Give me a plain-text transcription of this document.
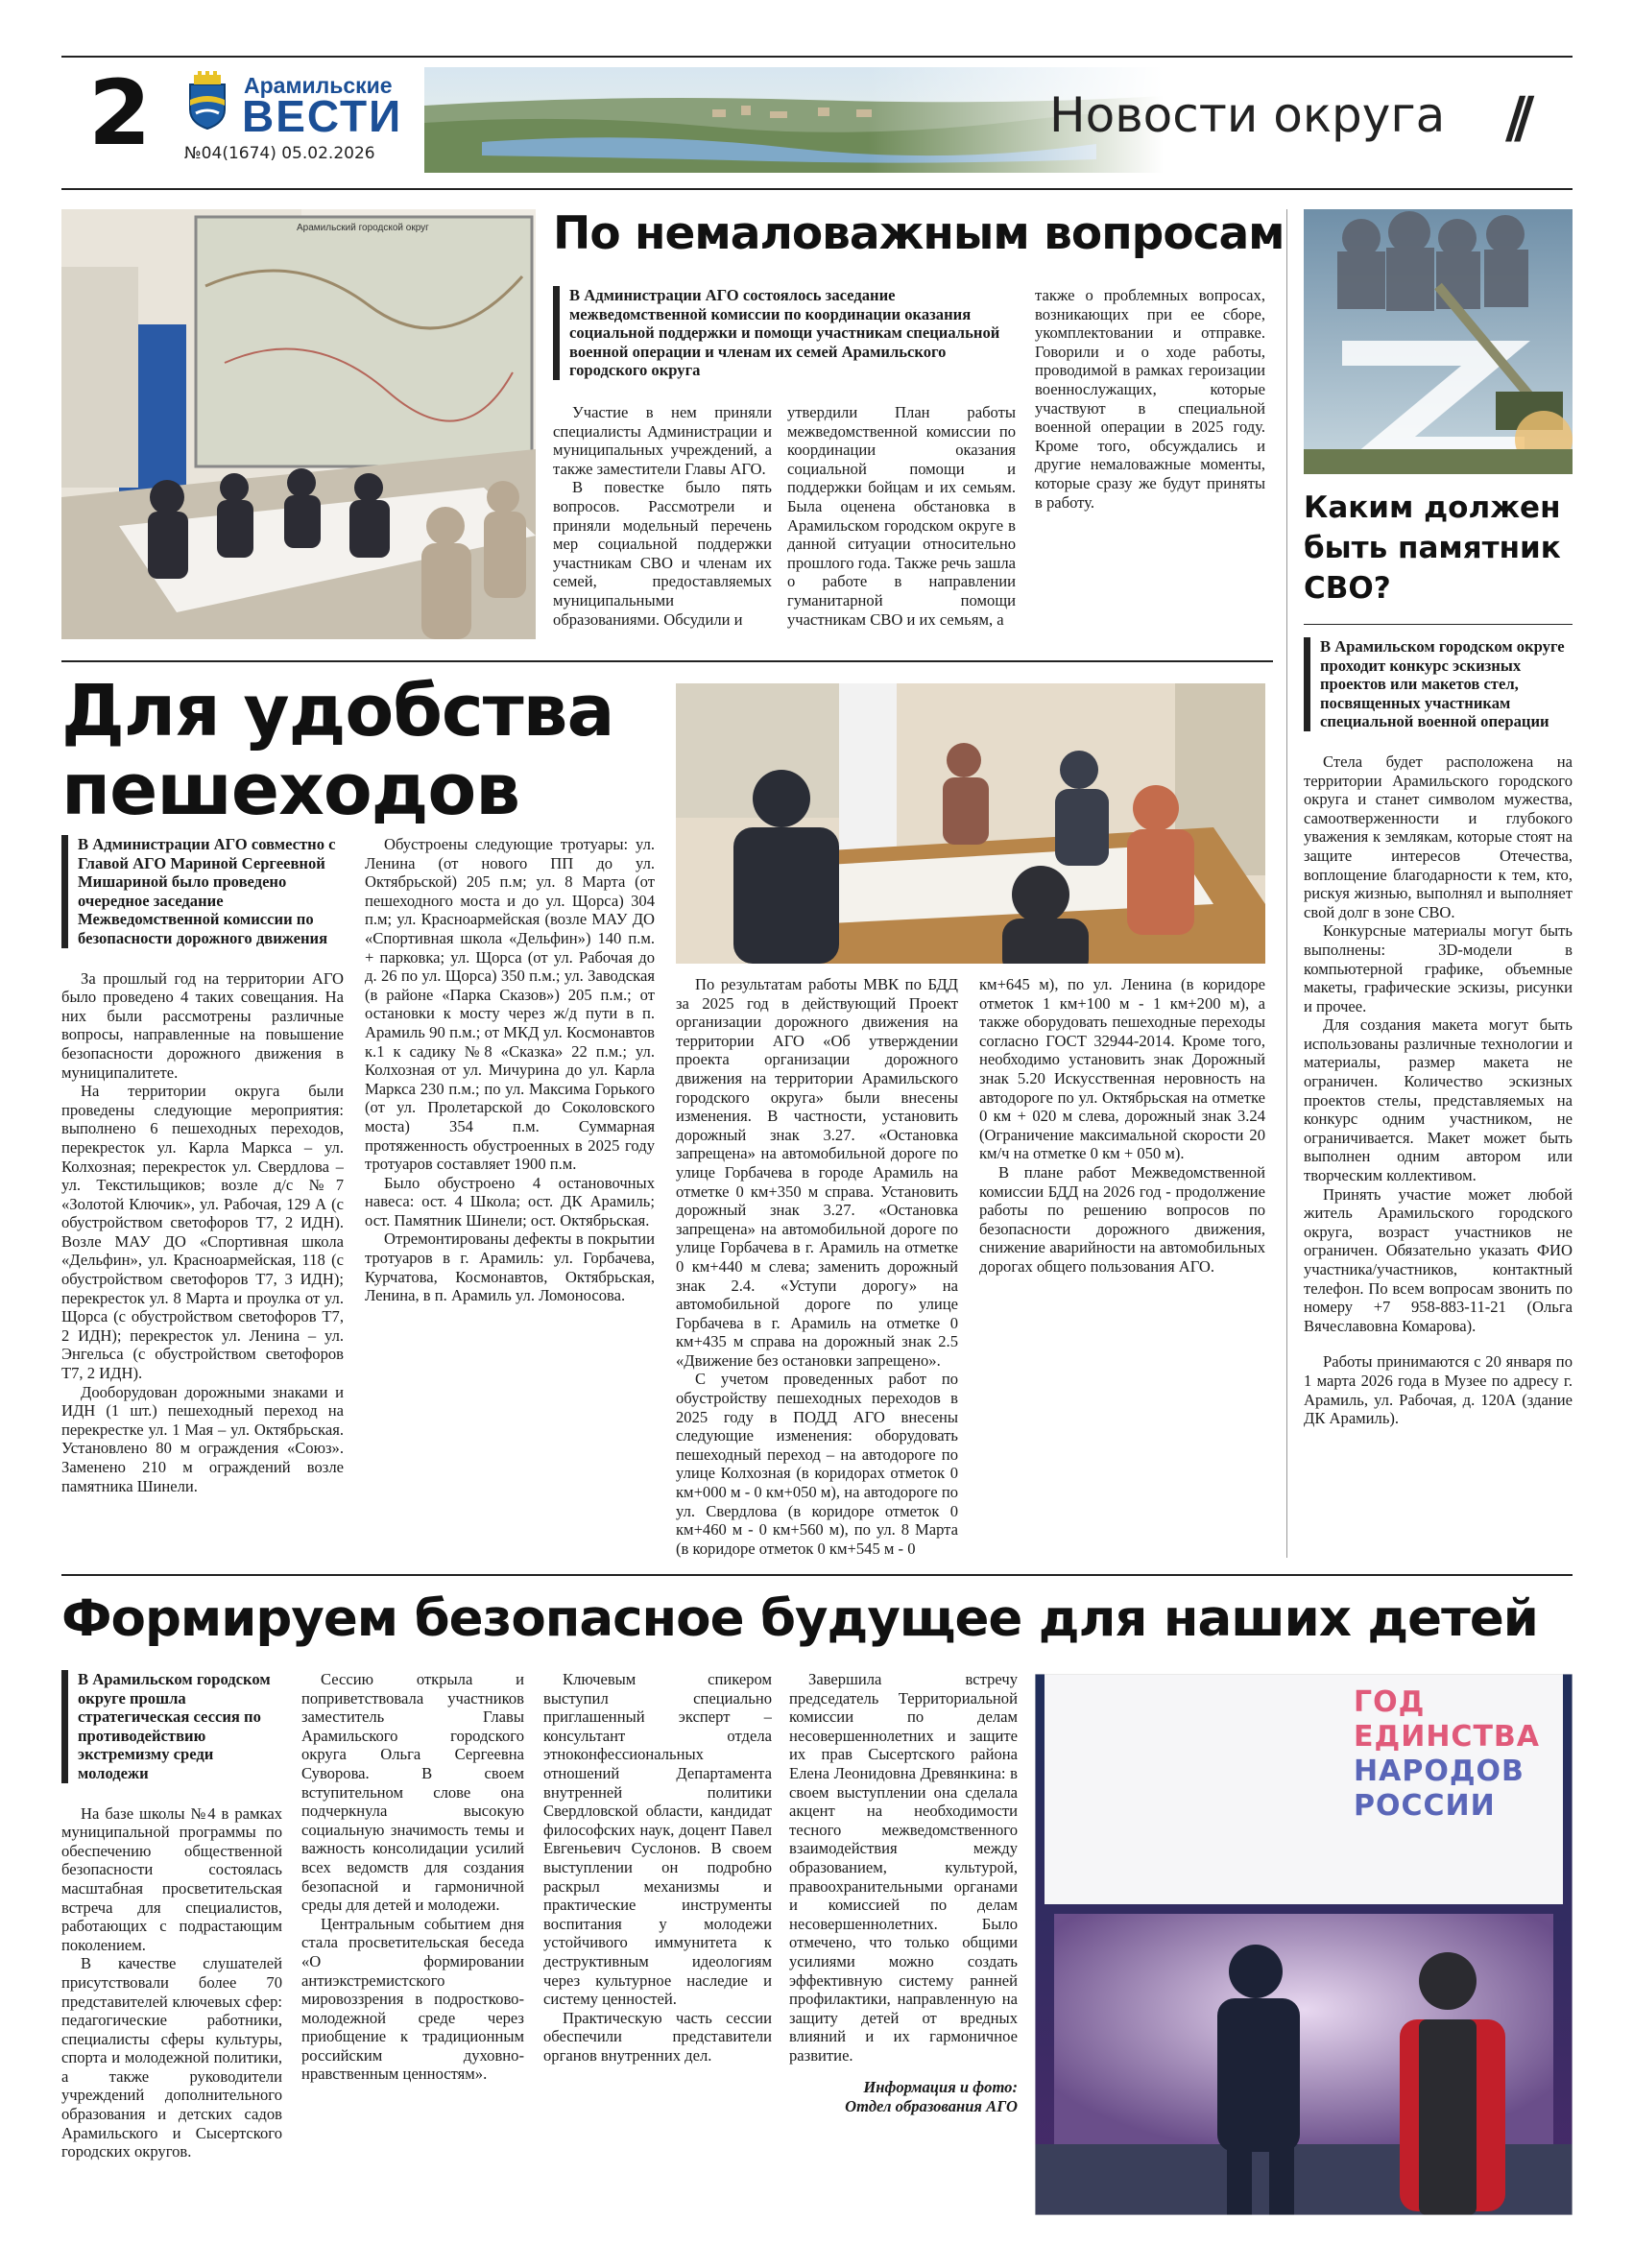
2	Арамильские
ВЕСТИ
№04(1674) 05.02.2026
Новости округа //
Арамильский городской округ	По немаловажным вопросам

В Администрации АГО состоялось заседание межведомственной комиссии по координации оказания социальной поддержки и помощи участникам специальной военной операции и членам их семей Арамильского городского округа

Участие в нем приняли специалисты Администрации и муниципальных учреждений, а также заместители Главы АГО.

В повестке было пять вопросов. Рассмотрели и приняли модельный перечень мер социальной поддержки участникам СВО и членам их семей, предоставляемых муниципальными образованиями. Обсудили и

утвердили План работы межведомственной комиссии по координации оказания социальной помощи и поддержки бойцам и их семьям. Была оценена обстановка в Арамильском городском округе в данной ситуации относительно прошлого года. Также речь зашла о работе в направлении гуманитарной помощи участникам СВО и их семьям, а

также о проблемных вопросах, возникающих при ее сборе, укомплектовании и отправке. Говорили и о ходе работы, проводимой в рамках героизации военнослужащих, которые участвуют в специальной военной операции в 2025 году. Кроме того, обсуждались и другие немаловажные моменты, которые сразу же будут приняты в работу.	Каким должен
быть памятник
СВО?

В Арамильском городском округе проходит конкурс эскизных проектов или макетов стел, посвященных участникам специальной военной операции

Стела будет расположена на территории Арамильского городского округа и станет символом мужества, самоотверженности и глубокого уважения к землякам, которые стоят на защите интересов Отечества, воплощение благодарности к тем, кто, рискуя жизнью, выполнял и выполняет свой долг в зоне СВО.

Конкурсные материалы могут быть выполнены: 3D-модели в компьютерной графике, объемные макеты, графические эскизы, рисунки и прочее.

Для создания макета могут быть использованы различные технологии и материалы, размер макета не ограничен. Количество эскизных проектов стелы, представляемых на конкурс одним участником, не ограничивается. Макет может быть выполнен одним автором или творческим коллективом.

Принять участие может любой житель Арамильского городского округа, возраст участников не ограничен. Обязательно указать ФИО участника/участников, контактный телефон. По всем вопросам звонить по номеру +7 958-883-11-21 (Ольга Вячеславовна Комарова).

Работы принимаются с 20 января по 1 марта 2026 года в Музее по адресу г. Арамиль, ул. Рабочая, д. 120А (здание ДК Арамиль).

Для удобства
пешеходов

В Администрации АГО совместно с Главой АГО Мариной Сергеевной Мишариной было проведено очередное заседание Межведомственной комиссии по безопасности дорожного движения

За прошлый год на территории АГО было проведено 4 таких совещания. На них были рассмотрены различные вопросы, направленные на повышение безопасности дорожного движения в муниципалитете.

На территории округа были проведены следующие мероприятия: выполнено 6 пешеходных переходов, перекресток ул. Карла Маркса – ул. Колхозная; перекресток ул. Свердлова – ул. Текстильщиков; возле д/с №7 «Золотой Ключик», ул. Рабочая, 129 А (с обустройством светофоров Т7, 2 ИДН). Возле МАУ ДО «Спортивная школа «Дельфин», ул. Красноармейская, 118 (с обустройством светофоров Т7, 3 ИДН); перекресток ул. 8 Марта и проулка от ул. Щорса (с обустройством светофоров Т7, 2 ИДН); перекресток ул. Ленина – ул. Энгельса (с обустройством светофоров Т7, 2 ИДН).

Дооборудован дорожными знаками и ИДН (1 шт.) пешеходный переход на перекрестке ул. 1 Мая – ул. Октябрьская. Установлено 80 м ограждения «Союз». Заменено 210 м ограждений возле памятника Шинели.

Обустроены следующие тротуары: ул. Ленина (от нового ПП до ул. Октябрьской) 205 п.м; ул. 8 Марта (от пешеходного моста и до ул. Щорса) 304 п.м; ул. Красноармейская (возле МАУ ДО «Спортивная школа «Дельфин») 140 п.м. + парковка; ул. Щорса (от ул. Рабочая до д. 26 по ул. Щорса) 350 п.м.; ул. Заводская (в районе «Парка Сказов») 205 п.м.; от остановки к мосту через ж/д пути в п. Арамиль 90 п.м.; от МКД ул. Космонавтов к.1 к садику №8 «Сказка» 22 п.м.; ул. Колхозная от ул. Мичурина до ул. Карла Маркса 230 п.м.; по ул. Максима Горького (от ул. Пролетарской до Соколовского моста) 354 п.м. Суммарная протяженность обустроенных в 2025 году тротуаров составляет 1900 п.м.

Было обустроено 4 остановочных навеса: ост. 4 Школа; ост. ДК Арамиль; ост. Памятник Шинели; ост. Октябрьская.

Отремонтированы дефекты в покрытии тротуаров в г. Арамиль: ул. Горбачева, Курчатова, Космонавтов, Октябрьская, Ленина, в п. Арамиль ул. Ломоносова.

По результатам работы МВК по БДД за 2025 год в действующий Проект организации дорожного движения на территории АГО «Об утверждении проекта организации дорожного движения на территории Арамильского городского округа» были внесены изменения. В частности, установить дорожный знак 3.27. «Остановка запрещена» на автомобильной дороге по улице Горбачева в городе Арамиль на отметке 0 км+350 м справа. Установить дорожный знак 3.27. «Остановка запрещена» на автомобильной дороге по улице Горбачева в г. Арамиль на отметке 0 км+440 м слева; заменить дорожный знак 2.4. «Уступи дорогу» на автомобильной дороге по улице Горбачева в г. Арамиль на отметке 0 км+435 м справа на дорожный знак 2.5 «Движение без остановки запрещено».

С учетом проведенных работ по обустройству пешеходных переходов в 2025 году в ПОДД АГО внесены следующие изменения: оборудовать пешеходный переход – на автодороге по улице Колхозная (в коридорах отметок 0 км+000 м - 0 км+050 м), на автодороге по ул. Свердлова (в коридоре отметок 0 км+460 м - 0 км+560 м), по ул. 8 Марта (в коридоре отметок 0 км+545 м - 0

км+645 м), по ул. Ленина (в коридоре отметок 1 км+100 м - 1 км+200 м), а также оборудовать пешеходные переходы согласно ГОСТ 32944-2014. Кроме того, необходимо установить знак Дорожный знак 5.20 Искусственная неровность на автодороге по ул. Октябрьская на отметке 0 км + 020 м слева, дорожный знак 3.24 (Ограничение максимальной скорости 20 км/ч на отметке 0 км + 050 м).

В плане работ Межведомственной комиссии БДД на 2026 год - продолжение работы по решению вопросов по безопасности дорожного движения, снижение аварийности на автомобильных дорогах общего пользования АГО.

Формируем безопасное будущее для наших детей

В Арамильском городском округе прошла стратегическая сессия по противодействию экстремизму среди молодежи

На базе школы №4 в рамках муниципальной программы по обеспечению общественной безопасности состоялась масштабная просветительская встреча для специалистов, работающих с подрастающим поколением.

В качестве слушателей присутствовали более 70 представителей ключевых сфер: педагогические работники, специалисты сферы культуры, спорта и молодежной политики, а также руководители учреждений дополнительного образования и детских садов Арамильского и Сысертского городских округов.

Сессию открыла и поприветствовала участников заместитель Главы Арамильского городского округа Ольга Сергеевна Суворова. В своем вступительном слове она подчеркнула высокую социальную значимость темы и важность консолидации усилий всех ведомств для создания безопасной и гармоничной среды для детей и молодежи.

Центральным событием дня стала просветительская беседа «О формировании антиэкстремистского мировоззрения в подростково-молодежной среде через приобщение к традиционным российским духовно-нравственным ценностям».

Ключевым спикером выступил специально приглашенный эксперт – консультант отдела этноконфессиональных отношений Департамента внутренней политики Свердловской области, кандидат философских наук, доцент Павел Евгеньевич Суслонов. В своем выступлении он подробно раскрыл механизмы и практические инструменты воспитания у молодежи устойчивого иммунитета к деструктивным идеологиям через культурное наследие и систему ценностей.

Практическую часть сессии обеспечили представители органов внутренних дел.

Завершила встречу председатель Территориальной комиссии по делам несовершеннолетних и защите их прав Сысертского района Елена Леонидовна Древянкина: в своем выступлении она сделала акцент на необходимости тесного межведомственного взаимодействия между образованием, культурой, правоохранительными органами и комиссией по делам несовершеннолетних. Было отмечено, что только общими усилиями можно создать эффективную систему ранней профилактики, направленную на защиту детей от вредных влияний и их гармоничное развитие.

Информация и фото:
Отдел образования АГО

ГОД
ЕДИНСТВА
НАРОДОВ
РОССИИ
